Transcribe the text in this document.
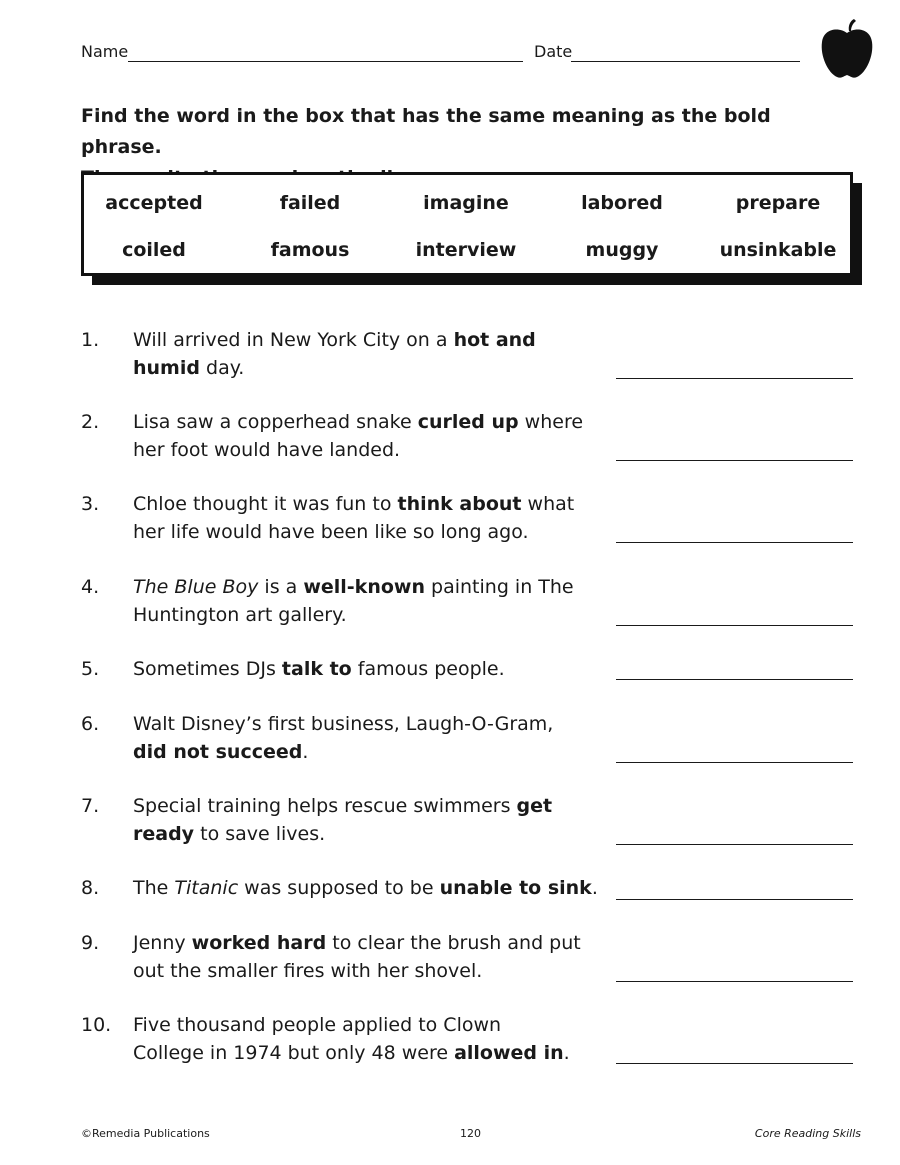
Name	Date
Find the word in the box that has the same meaning as the bold phrase.
accepted	failed	imagine	labored	prepare
coiled	famous	interview	muggy	unsinkable
1. Will arrived in New York City on a hot and
humid day.
2. Lisa saw a copperhead snake curled up where
her foot would have landed.
3. Chloe thought it was fun to think about what
her life would have been like so long ago.
4. The Blue Boy is a well-known painting in The
Huntington art gallery.
5. Sometimes DJs talk to famous people.
6. Walt Disney’s first business, Laugh-O-Gram,
did not succeed.
7. Special training helps rescue swimmers get
ready to save lives.
8. The Titanic was supposed to be unable to sink.
9. Jenny worked hard to clear the brush and put
out the smaller fires with her shovel.
10. Five thousand people applied to Clown
College in 1974 but only 48 were allowed in.
©Remedia Publications	120	Core Reading Skills
